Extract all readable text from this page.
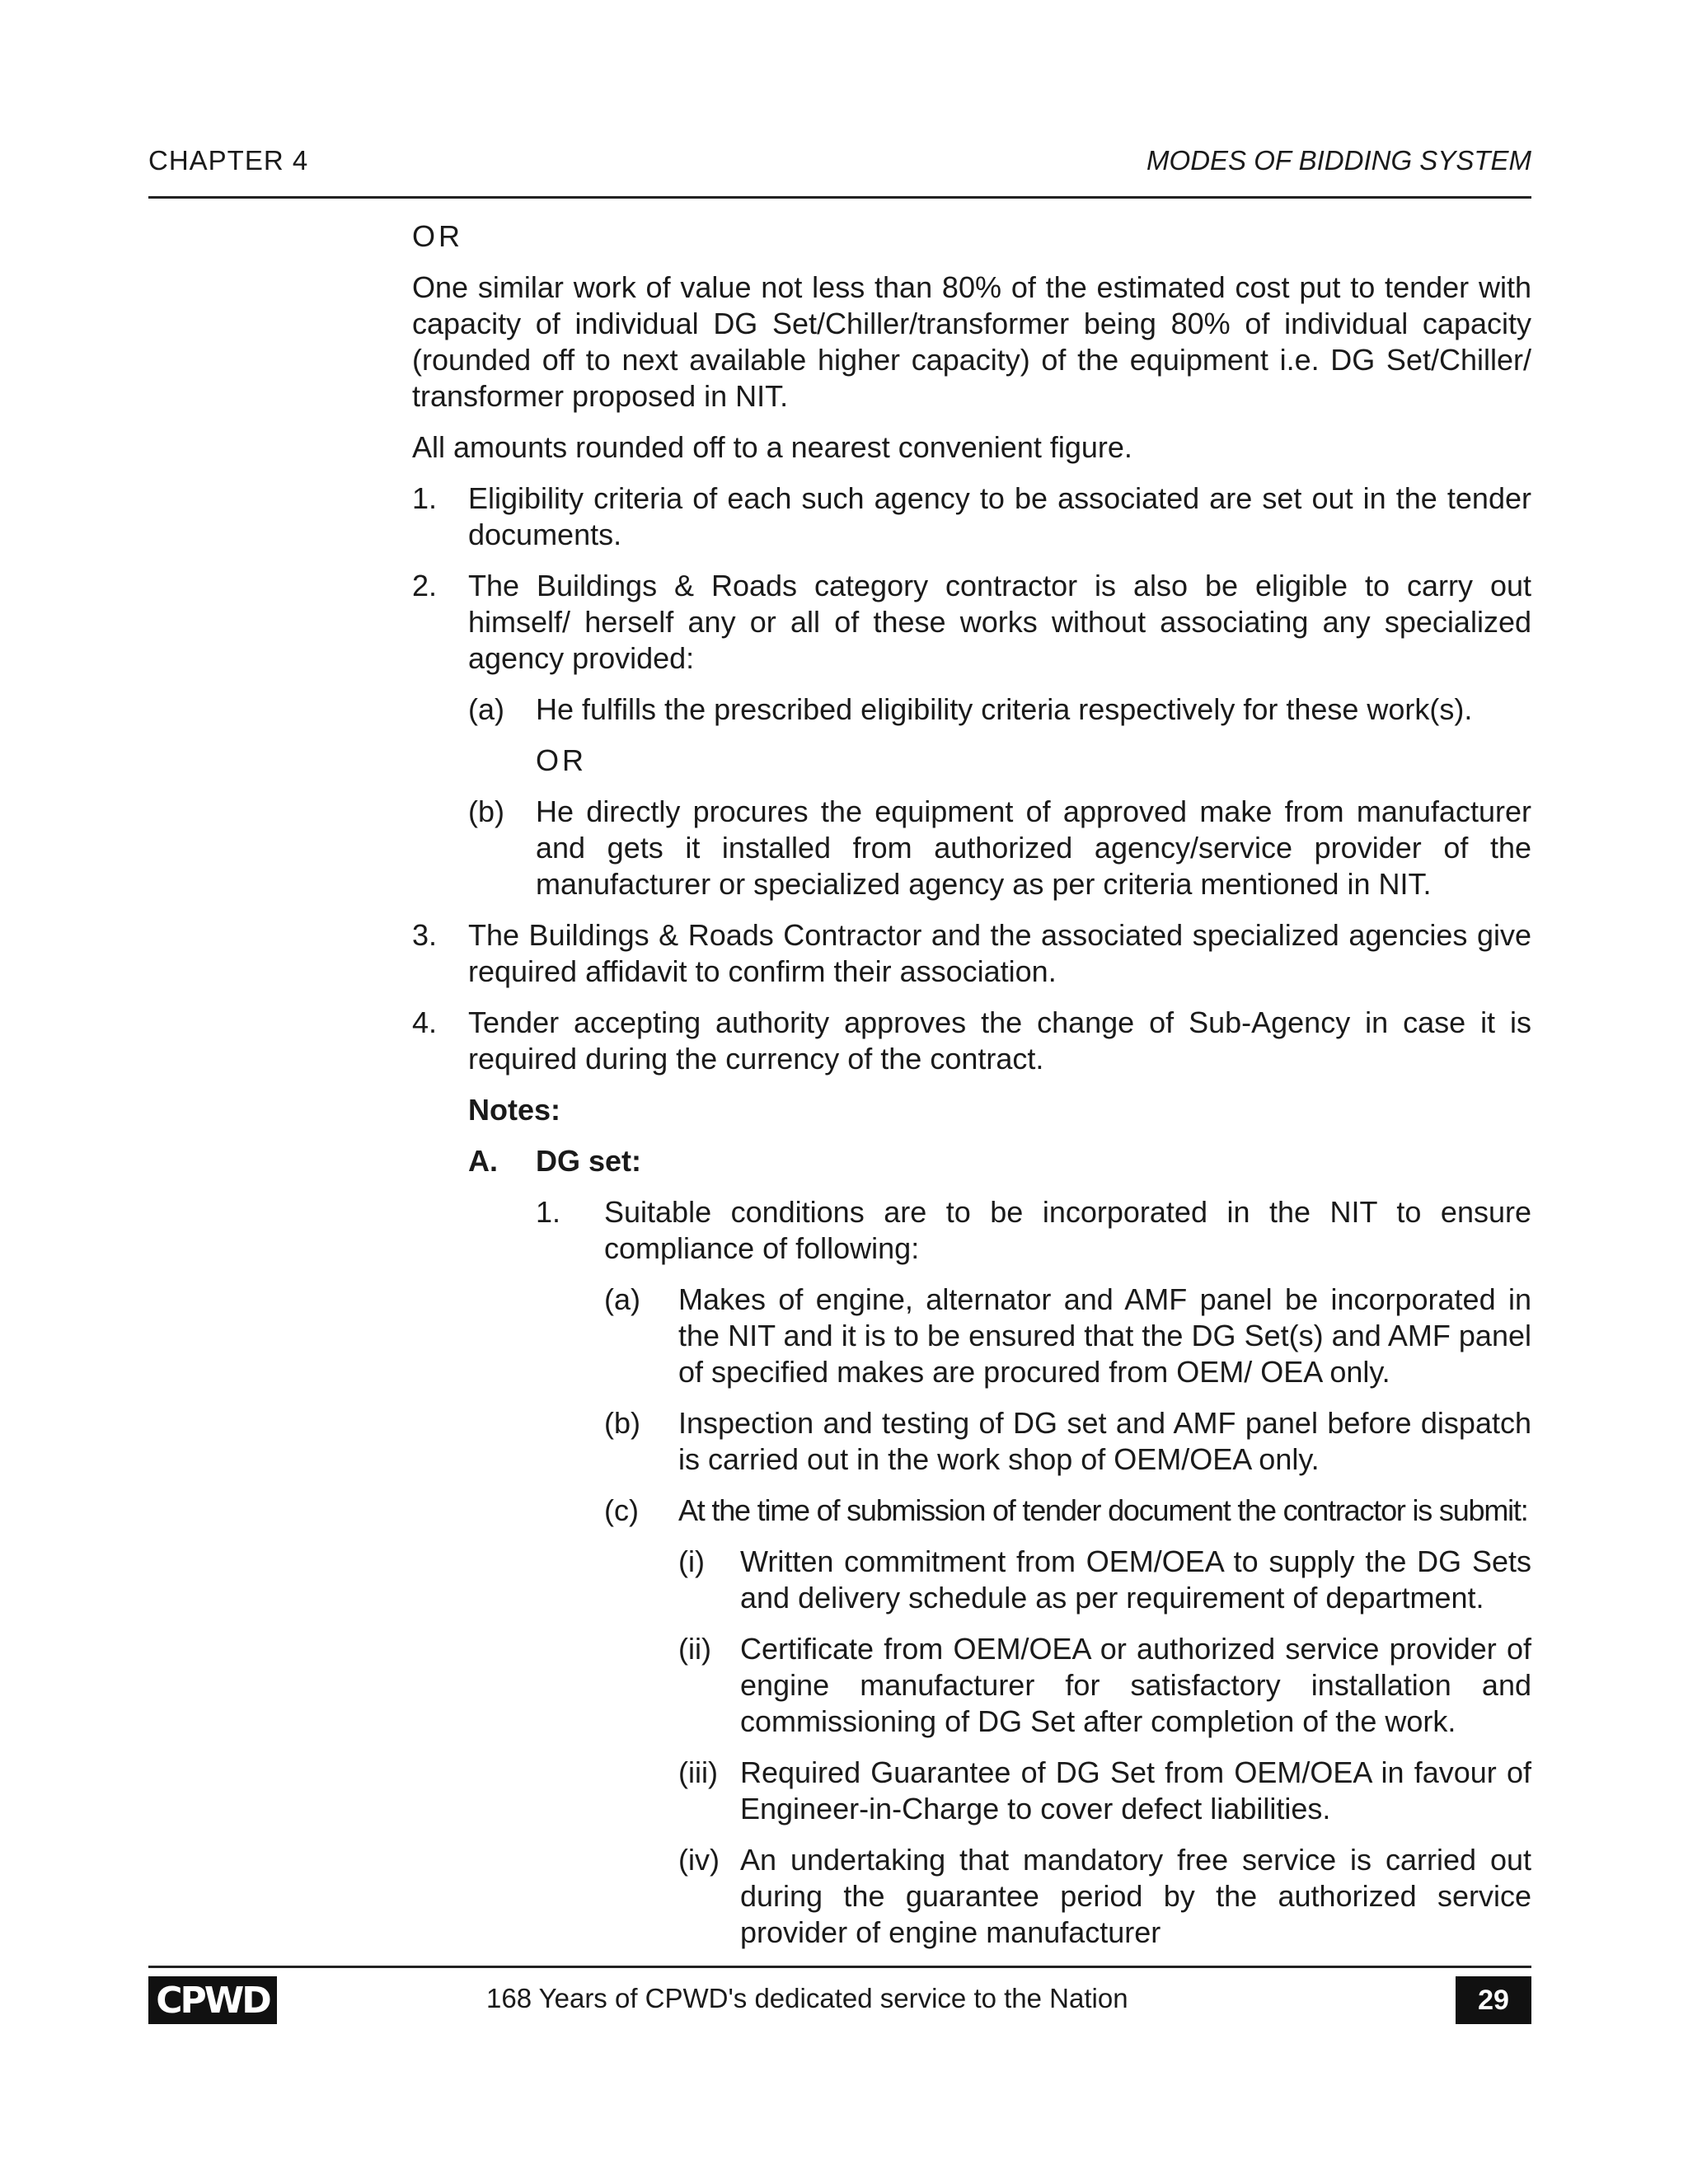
CHAPTER 4	MODES OF BIDDING SYSTEM
OR

One similar work of value not less than 80% of the estimated cost put to tender with capacity of individual DG Set/Chiller/transformer being 80% of individual capacity (rounded off to next available higher capacity) of the equipment i.e. DG Set/Chiller/ transformer proposed in NIT.

All amounts rounded off to a nearest convenient figure.

1.	Eligibility criteria of each such agency to be associated are set out in the tender documents.
2.	The Buildings & Roads category contractor is also be eligible to carry out himself/ herself any or all of these works without associating any specialized agency provided:
(a)	He fulfills the prescribed eligibility criteria respectively for these work(s).
OR
(b)	He directly procures the equipment of approved make from manufacturer and gets it installed from authorized agency/service provider of the manufacturer or specialized agency as per criteria mentioned in NIT.
3.	The Buildings & Roads Contractor and the associated specialized agencies give required affidavit to confirm their association.
4.	Tender accepting authority approves the change of Sub-Agency in case it is required during the currency of the contract.
Notes:
A.	DG set:
1.	Suitable conditions are to be incorporated in the NIT to ensure compliance of following:
(a)	Makes of engine, alternator and AMF panel be incorporated in the NIT and it is to be ensured that the DG Set(s) and AMF panel of specified makes are procured from OEM/ OEA only.
(b)	Inspection and testing of DG set and AMF panel before dispatch is carried out in the work shop of OEM/OEA only.
(c)	At the time of submission of tender document the contractor is submit:
(i)	Written commitment from OEM/OEA to supply the DG Sets and delivery schedule as per requirement of department.
(ii) Certificate from OEM/OEA or authorized service provider of engine manufacturer for satisfactory installation and commissioning of DG Set after completion of the work.
(iii) Required Guarantee of DG Set from OEM/OEA in favour of Engineer-in-Charge to cover defect liabilities.
(iv) An undertaking that mandatory free service is carried out during the guarantee period by the authorized service provider of engine manufacturer
CPWD	168 Years of CPWD's dedicated service to the Nation	29
